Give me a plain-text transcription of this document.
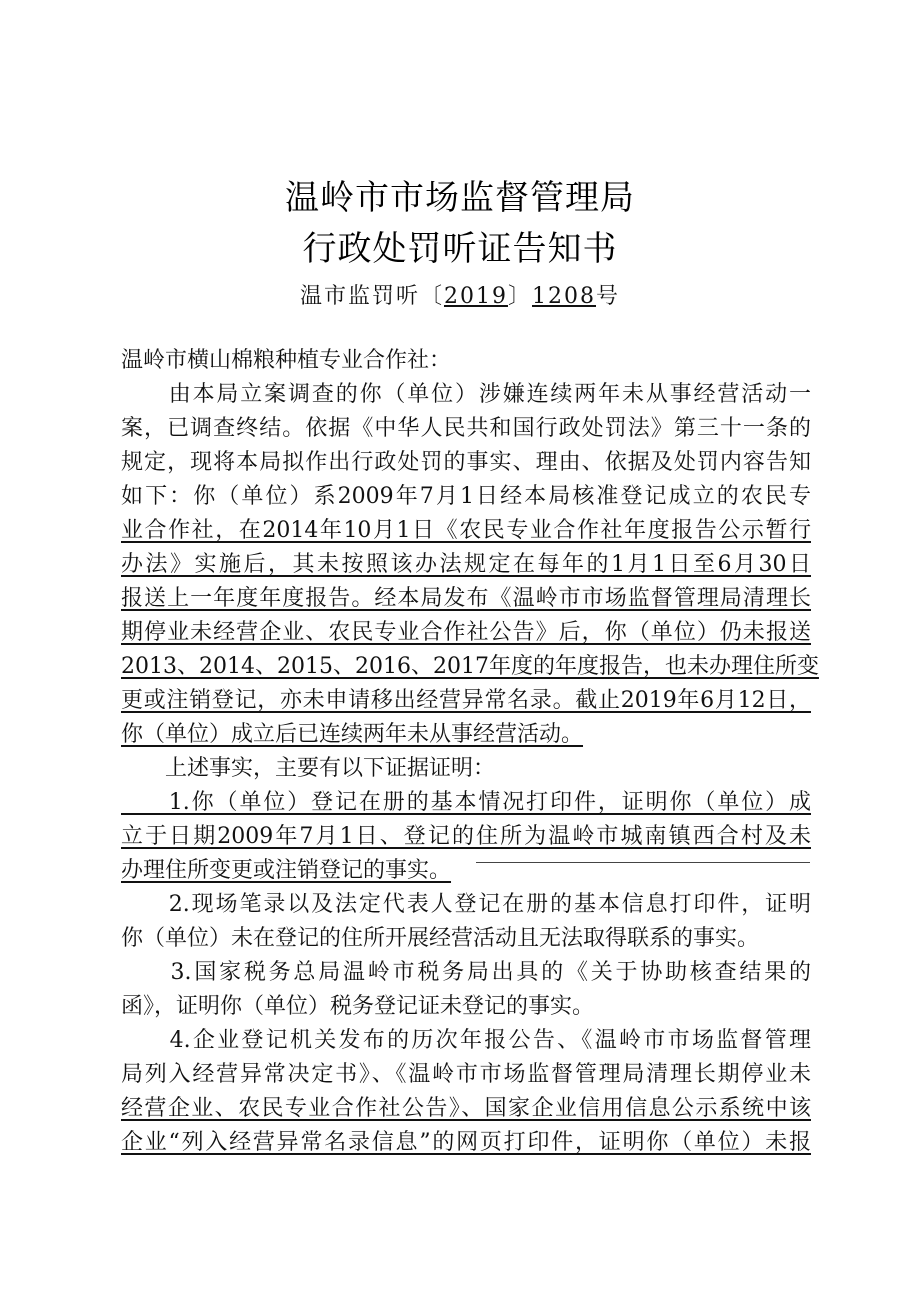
温岭市市场监督管理局
行政处罚听证告知书
温市监罚听〔2019〕1208号
温岭市横山棉粮种植专业合作社：
　　由本局立案调查的你（单位）涉嫌连续两年未从事经营活动一
案，已调查终结。依据《中华人民共和国行政处罚法》第三十一条的
规定，现将本局拟作出行政处罚的事实、理由、依据及处罚内容告知
如下：你（单位）系2009年7月1日经本局核准登记成立的农民专
业合作社，在2014年10月1日《农民专业合作社年度报告公示暂行
办法》实施后，其未按照该办法规定在每年的1月1日至6月30日
报送上一年度年度报告。经本局发布《温岭市市场监督管理局清理长
期停业未经营企业、农民专业合作社公告》后，你（单位）仍未报送
2013、2014、2015、2016、2017年度的年度报告，也未办理住所变
更或注销登记，亦未申请移出经营异常名录。截止2019年6月12日，
你（单位）成立后已连续两年未从事经营活动。
　　上述事实，主要有以下证据证明：
　　1.你（单位）登记在册的基本情况打印件，证明你（单位）成
立于日期2009年7月1日、登记的住所为温岭市城南镇西合村及未
办理住所变更或注销登记的事实。
　　2.现场笔录以及法定代表人登记在册的基本信息打印件，证明
你（单位）未在登记的住所开展经营活动且无法取得联系的事实。
　　3.国家税务总局温岭市税务局出具的《关于协助核查结果的
函》，证明你（单位）税务登记证未登记的事实。
　　4.企业登记机关发布的历次年报公告、《温岭市市场监督管理
局列入经营异常决定书》、《温岭市市场监督管理局清理长期停业未
经营企业、农民专业合作社公告》、国家企业信用信息公示系统中该
企业“列入经营异常名录信息”的网页打印件，证明你（单位）未报
